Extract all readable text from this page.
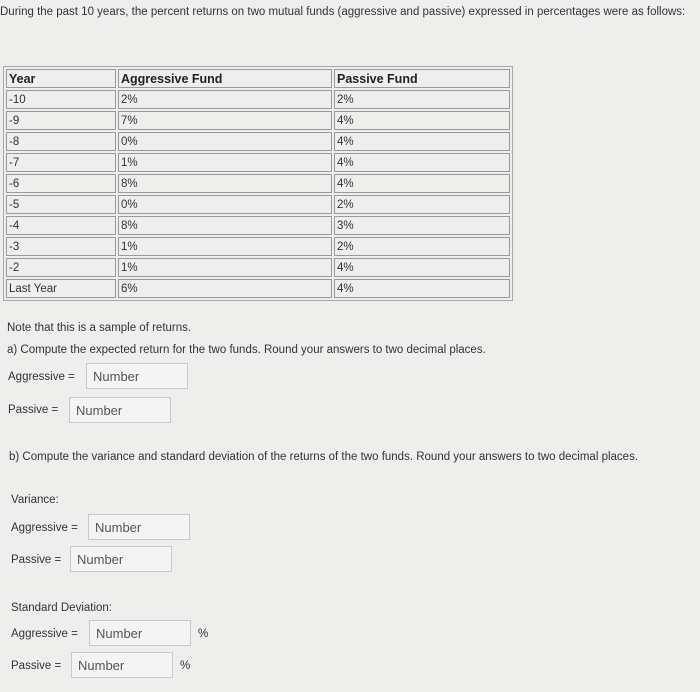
During the past 10 years, the percent returns on two mutual funds (aggressive and passive) expressed in percentages were as follows:
Year	Aggressive Fund	Passive Fund
-10	2%	2%
-9	7%	4%
-8	0%	4%
-7	1%	4%
-6	8%	4%
-5	0%	2%
-4	8%	3%
-3	1%	2%
-2	1%	4%
Last Year	6%	4%
Note that this is a sample of returns.
a) Compute the expected return for the two funds. Round your answers to two decimal places.
Aggressive =
Number
Passive =
Number
b) Compute the variance and standard deviation of the returns of the two funds. Round your answers to two decimal places.
Variance:
Aggressive =
Number
Passive =
Number
Standard Deviation:
Aggressive =
Number	%
Passive =
Number	%
